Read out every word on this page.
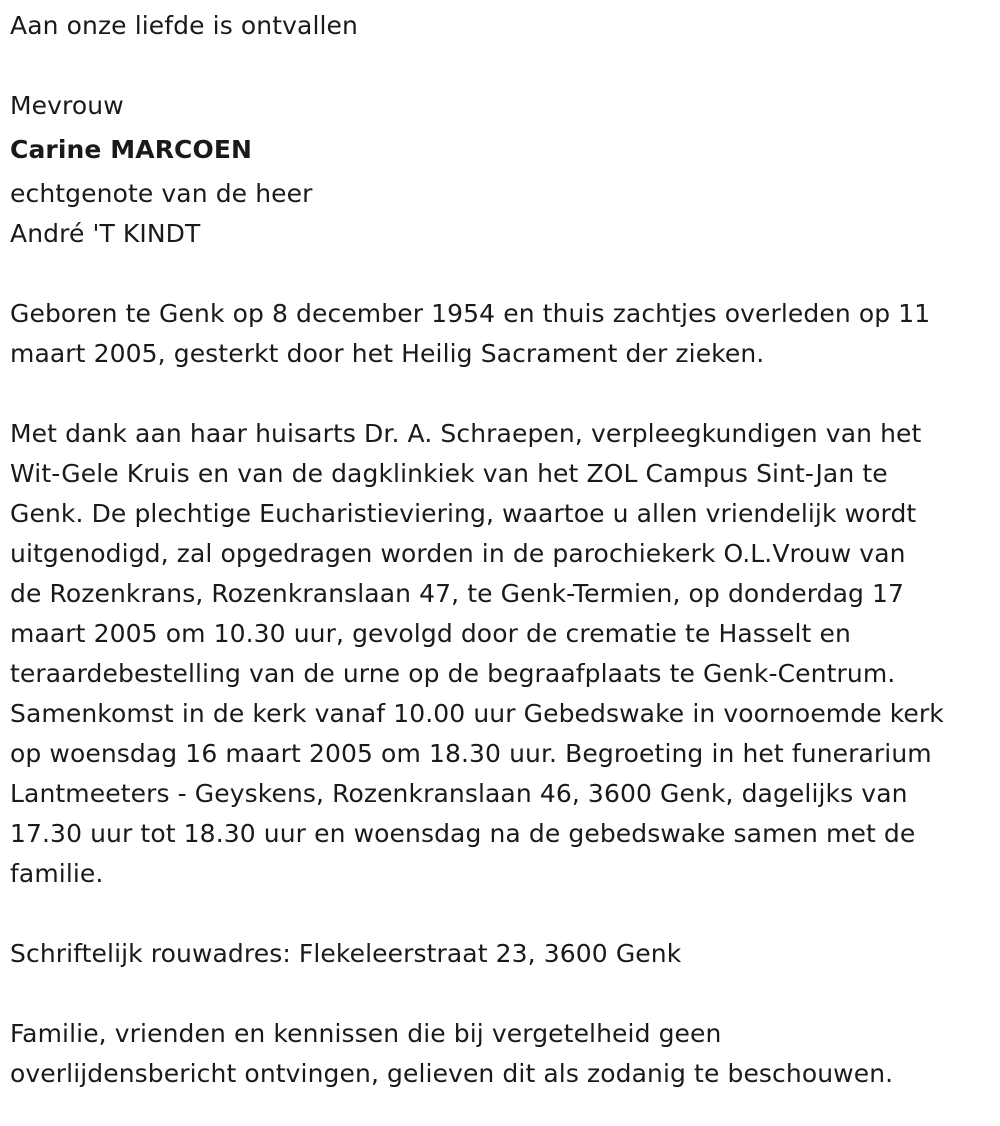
Aan onze liefde is ontvallen

Mevrouw

Carine MARCOEN

echtgenote van de heer

André 'T KINDT

Geboren te Genk op 8 december 1954 en thuis zachtjes overleden op 11

maart 2005, gesterkt door het Heilig Sacrament der zieken.

Met dank aan haar huisarts Dr. A. Schraepen, verpleegkundigen van het

Wit-Gele Kruis en van de dagklinkiek van het ZOL Campus Sint-Jan te

Genk. De plechtige Eucharistieviering, waartoe u allen vriendelijk wordt

uitgenodigd, zal opgedragen worden in de parochiekerk O.L.Vrouw van

de Rozenkrans, Rozenkranslaan 47, te Genk-Termien, op donderdag 17

maart 2005 om 10.30 uur, gevolgd door de crematie te Hasselt en

teraardebestelling van de urne op de begraafplaats te Genk-Centrum.

Samenkomst in de kerk vanaf 10.00 uur Gebedswake in voornoemde kerk

op woensdag 16 maart 2005 om 18.30 uur. Begroeting in het funerarium

Lantmeeters - Geyskens, Rozenkranslaan 46, 3600 Genk, dagelijks van

17.30 uur tot 18.30 uur en woensdag na de gebedswake samen met de

familie.

Schriftelijk rouwadres: Flekeleerstraat 23, 3600 Genk

Familie, vrienden en kennissen die bij vergetelheid geen

overlijdensbericht ontvingen, gelieven dit als zodanig te beschouwen.
